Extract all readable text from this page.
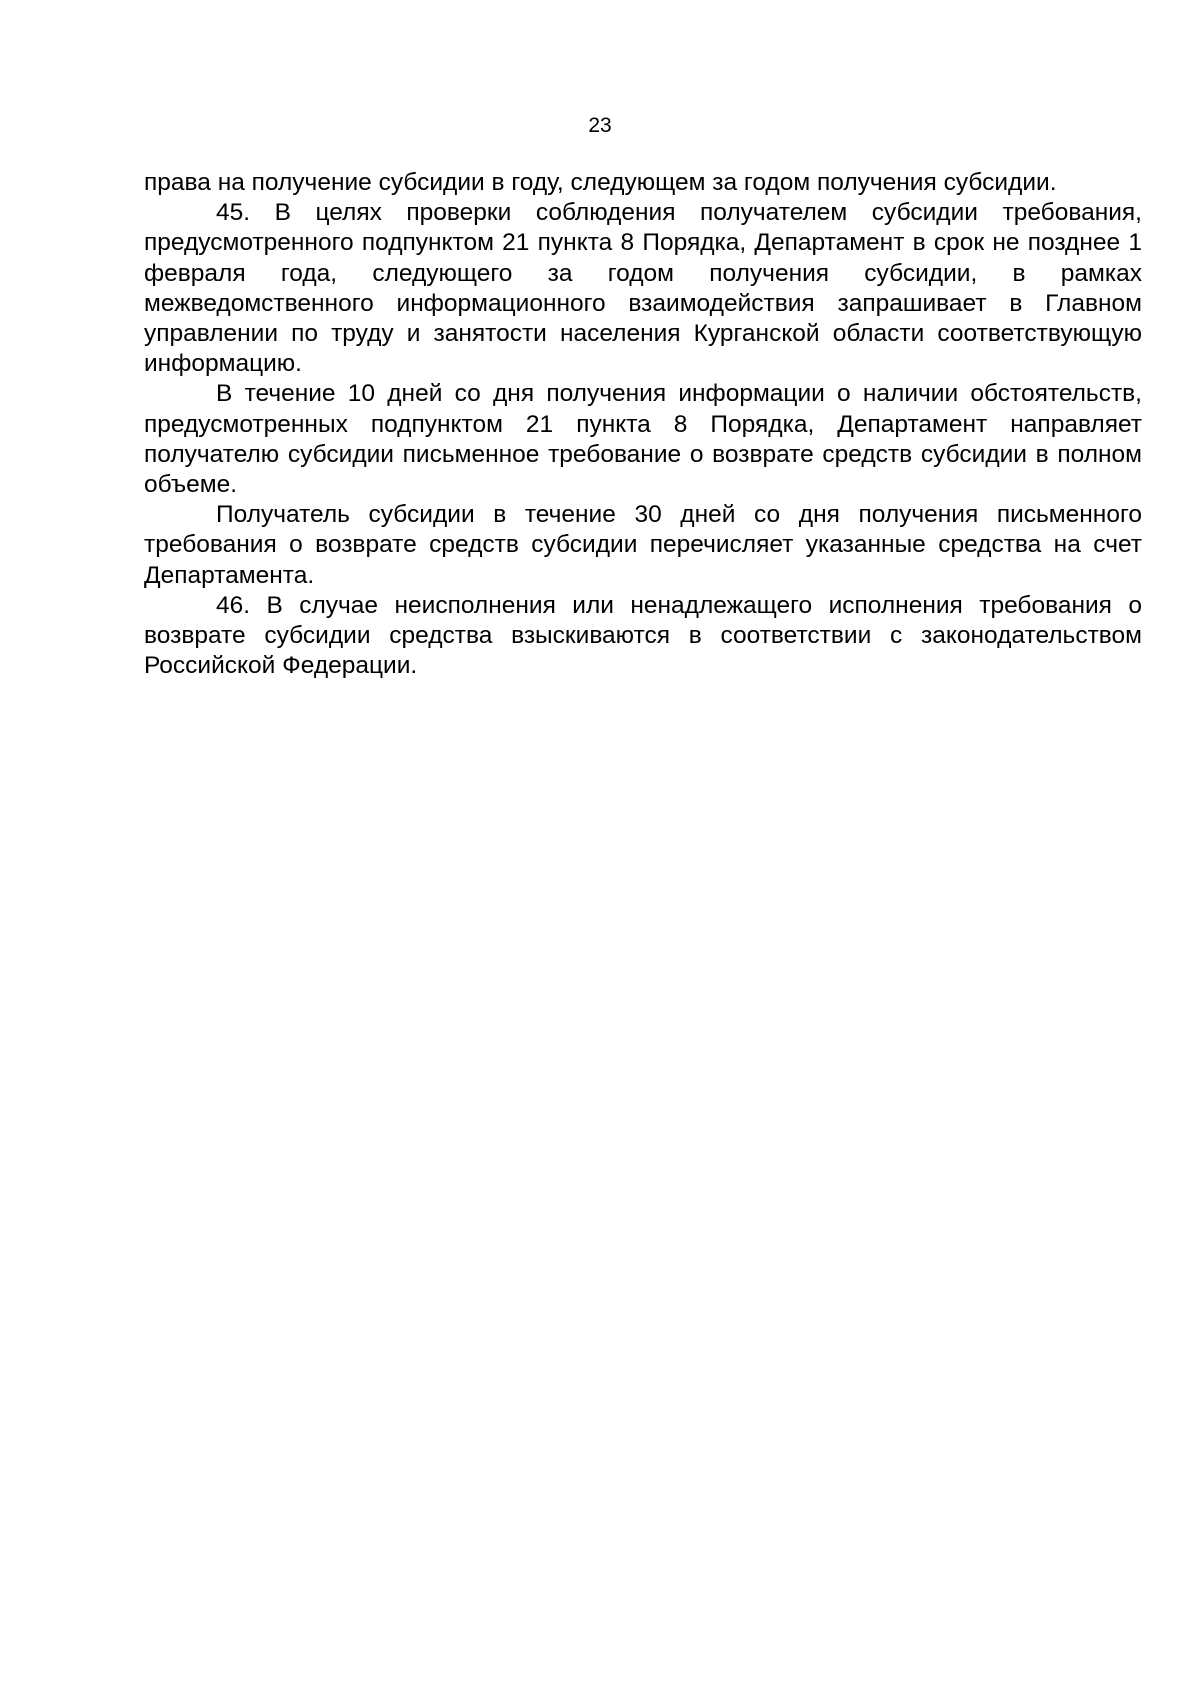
23

права на получение субсидии в году, следующем за годом получения субсидии.

45. В целях проверки соблюдения получателем субсидии требования, предусмотренного подпунктом 21 пункта 8 Порядка, Департамент в срок не позднее 1 февраля года, следующего за годом получения субсидии, в рамках межведомственного информационного взаимодействия запрашивает в Главном управлении по труду и занятости населения Курганской области соответствующую информацию.

В течение 10 дней со дня получения информации о наличии обстоятельств, предусмотренных подпунктом 21 пункта 8 Порядка, Департамент направляет получателю субсидии письменное требование о возврате средств субсидии в полном объеме.

Получатель субсидии в течение 30 дней со дня получения письменного требования о возврате средств субсидии перечисляет указанные средства на счет Департамента.

46. В случае неисполнения или ненадлежащего исполнения требования о возврате субсидии средства взыскиваются в соответствии с законодательством Российской Федерации.
